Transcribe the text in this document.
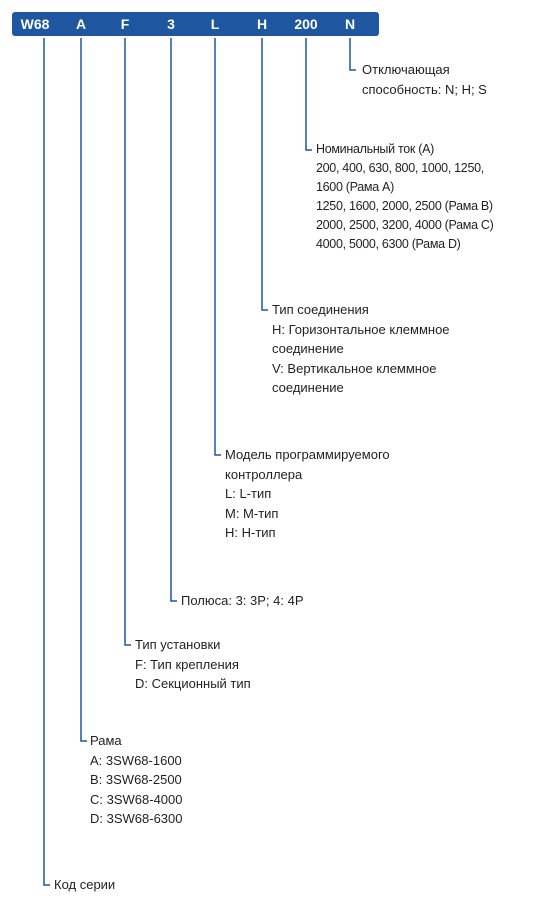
W68 A F	3	L	H 200 N
Отключающая
способность: N; H; S
Номинальный ток (A)
200, 400, 630, 800, 1000, 1250,
1600 (Рама A)
1250, 1600, 2000, 2500 (Рама B)
2000, 2500, 3200, 4000 (Рама C)
4000, 5000, 6300 (Рама D)
Тип соединения
H: Горизонтальное клеммное
соединение
V: Вертикальное клеммное
соединение
Модель программируемого
контроллера
L: L-тип
M: M-тип
H: H-тип
Полюса: 3: 3P; 4: 4P
Тип установки
F: Тип крепления
D: Секционный тип
Рама
A: 3SW68-1600
B: 3SW68-2500
C: 3SW68-4000
D: 3SW68-6300
Код серии
